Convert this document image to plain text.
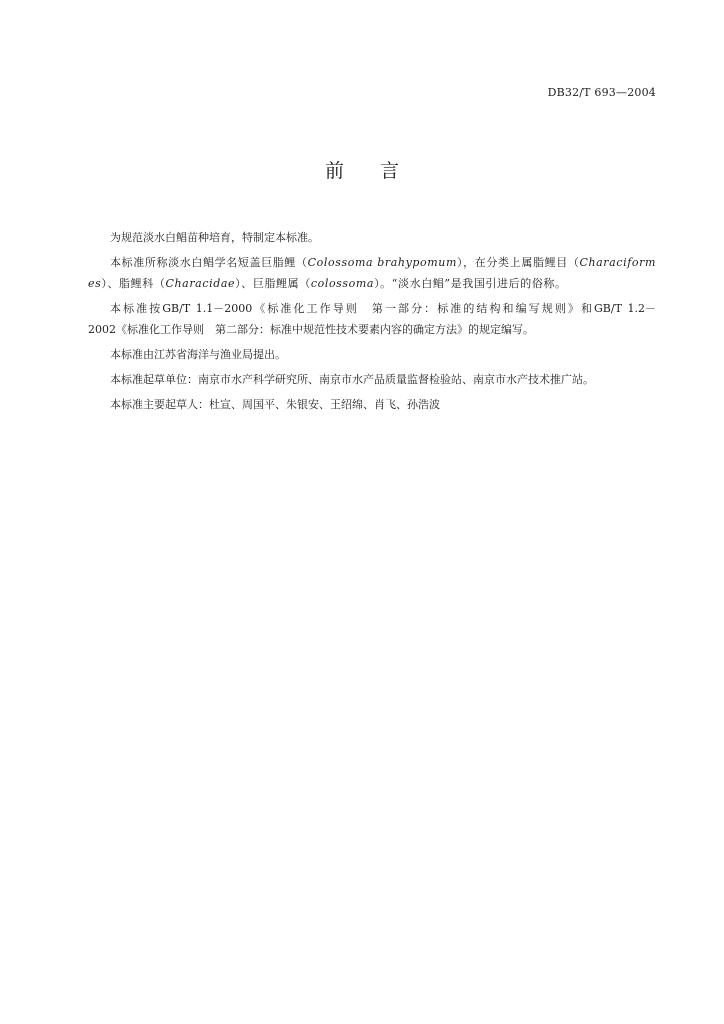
DB32/T 693—2004
前 言

为规范淡水白鲳苗种培育，特制定本标准。

本标准所称淡水白鲳学名短盖巨脂鲤（Colossoma brahypomum），在分类上属脂鲤目（Characiformes）、脂鲤科（Characidae）、巨脂鲤属（colossoma）。“淡水白鲳”是我国引进后的俗称。

本标准按GB/T 1.1－2000《标准化工作导则　第一部分：标准的结构和编写规则》和GB/T 1.2－

2002《标准化工作导则　第二部分：标准中规范性技术要素内容的确定方法》的规定编写。

本标准由江苏省海洋与渔业局提出。

本标准起草单位：南京市水产科学研究所、南京市水产品质量监督检验站、南京市水产技术推广站。

本标准主要起草人：杜宣、周国平、朱银安、王绍绵、肖飞、孙浩波
